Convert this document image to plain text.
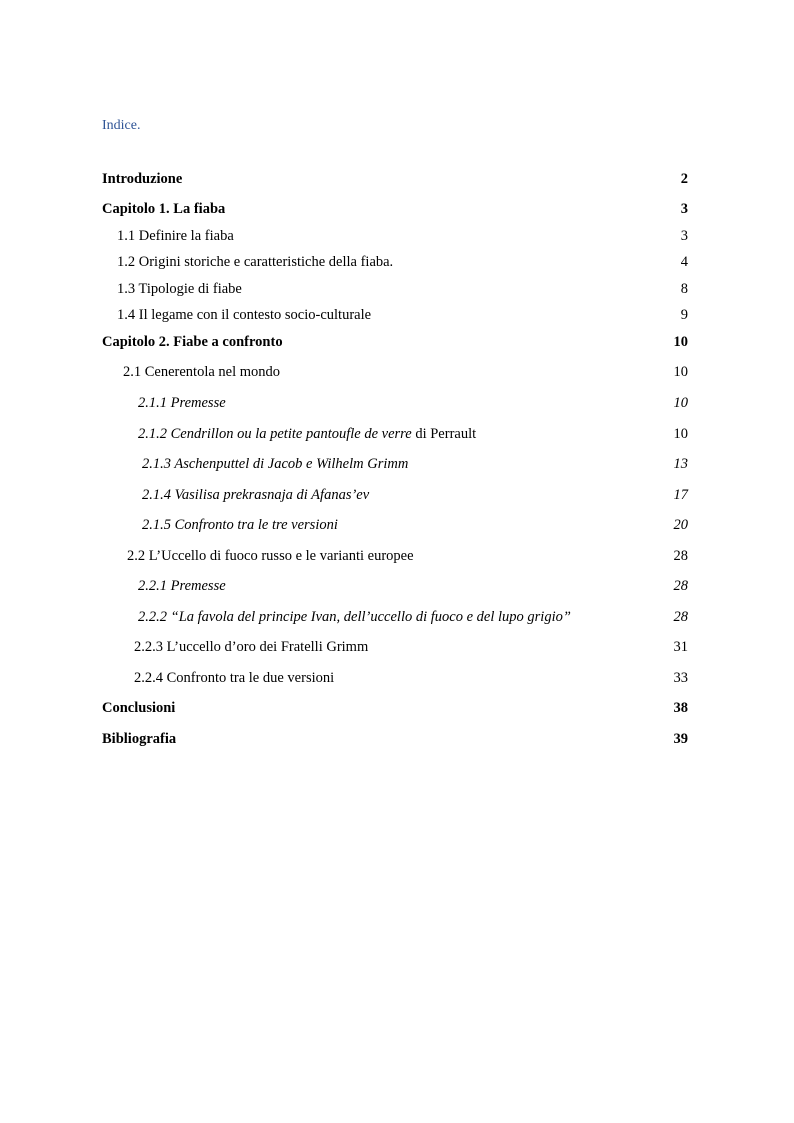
Indice.
Introduzione	2
Capitolo 1. La fiaba	3
1.1 Definire la fiaba	3
1.2 Origini storiche e caratteristiche della fiaba.	4
1.3 Tipologie di fiabe	8
1.4 Il legame con il contesto socio-culturale	9
Capitolo 2. Fiabe a confronto	10
2.1 Cenerentola nel mondo	10
2.1.1 Premesse	10
2.1.2 Cendrillon ou la petite pantoufle de verre di Perrault	10
2.1.3 Aschenputtel di Jacob e Wilhelm Grimm	13
2.1.4 Vasilisa prekrasnaja di Afanas’ev	17
2.1.5 Confronto tra le tre versioni	20
2.2 L’Uccello di fuoco russo e le varianti europee	28
2.2.1 Premesse	28
2.2.2 “La favola del principe Ivan, dell’uccello di fuoco e del lupo grigio”	28
2.2.3 L’uccello d’oro dei Fratelli Grimm	31
2.2.4 Confronto tra le due versioni	33
Conclusioni	38
Bibliografia	39
